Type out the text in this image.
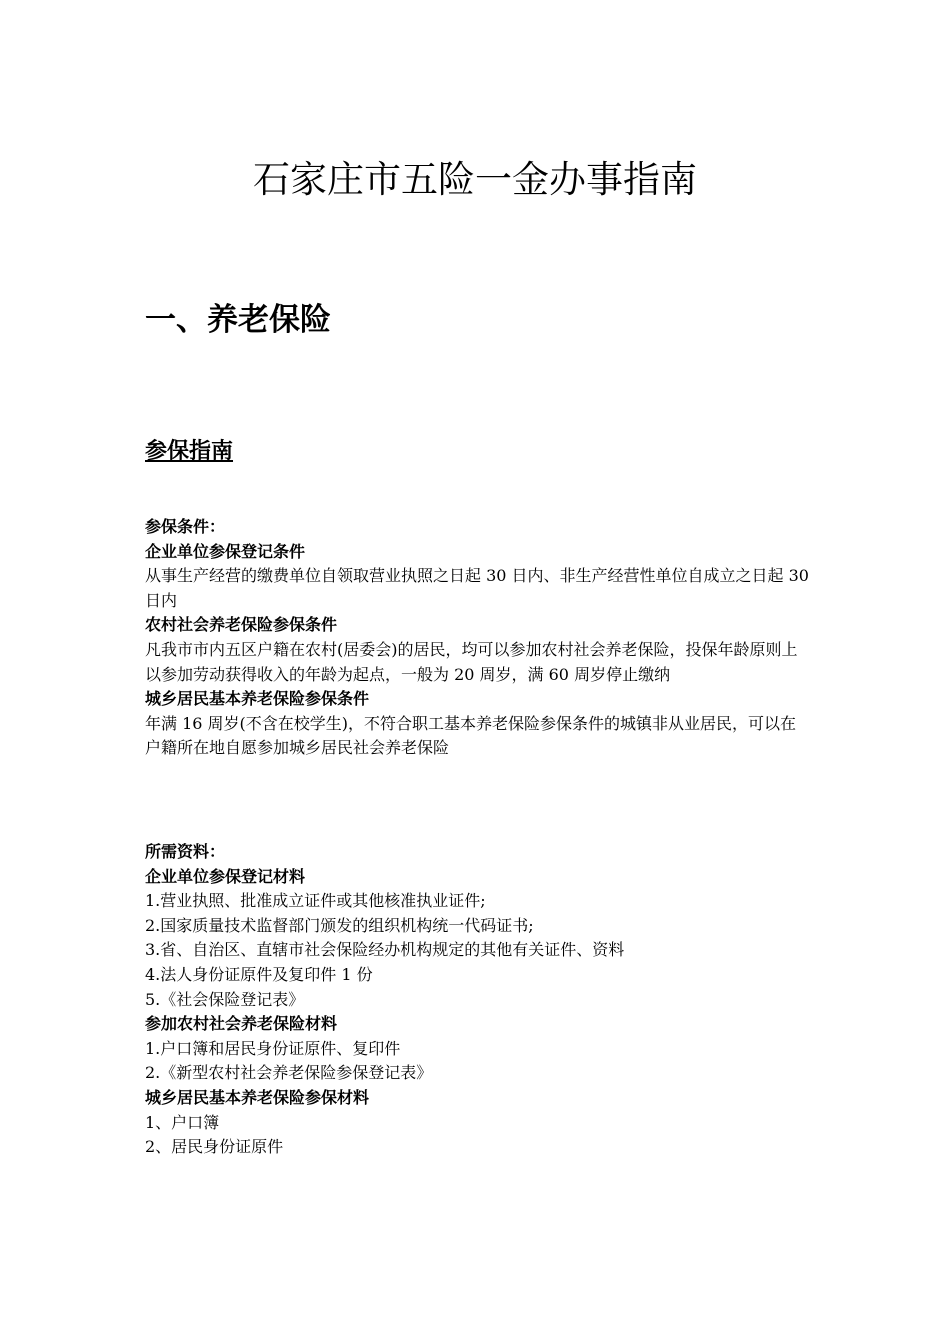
石家庄市五险一金办事指南
一、养老保险
参保指南

参保条件：

企业单位参保登记条件

从事生产经营的缴费单位自领取营业执照之日起 30 日内、非生产经营性单位自成立之日起 30 日内

农村社会养老保险参保条件

凡我市市内五区户籍在农村(居委会)的居民，均可以参加农村社会养老保险，投保年龄原则上以参加劳动获得收入的年龄为起点，一般为 20 周岁，满 60 周岁停止缴纳

城乡居民基本养老保险参保条件

年满 16 周岁(不含在校学生)，不符合职工基本养老保险参保条件的城镇非从业居民，可以在户籍所在地自愿参加城乡居民社会养老保险

所需资料：

企业单位参保登记材料

1.营业执照、批准成立证件或其他核准执业证件;

2.国家质量技术监督部门颁发的组织机构统一代码证书;

3.省、自治区、直辖市社会保险经办机构规定的其他有关证件、资料

4.法人身份证原件及复印件 1 份

5.《社会保险登记表》

参加农村社会养老保险材料

1.户口簿和居民身份证原件、复印件

2.《新型农村社会养老保险参保登记表》

城乡居民基本养老保险参保材料

1、户口簿

2、居民身份证原件
